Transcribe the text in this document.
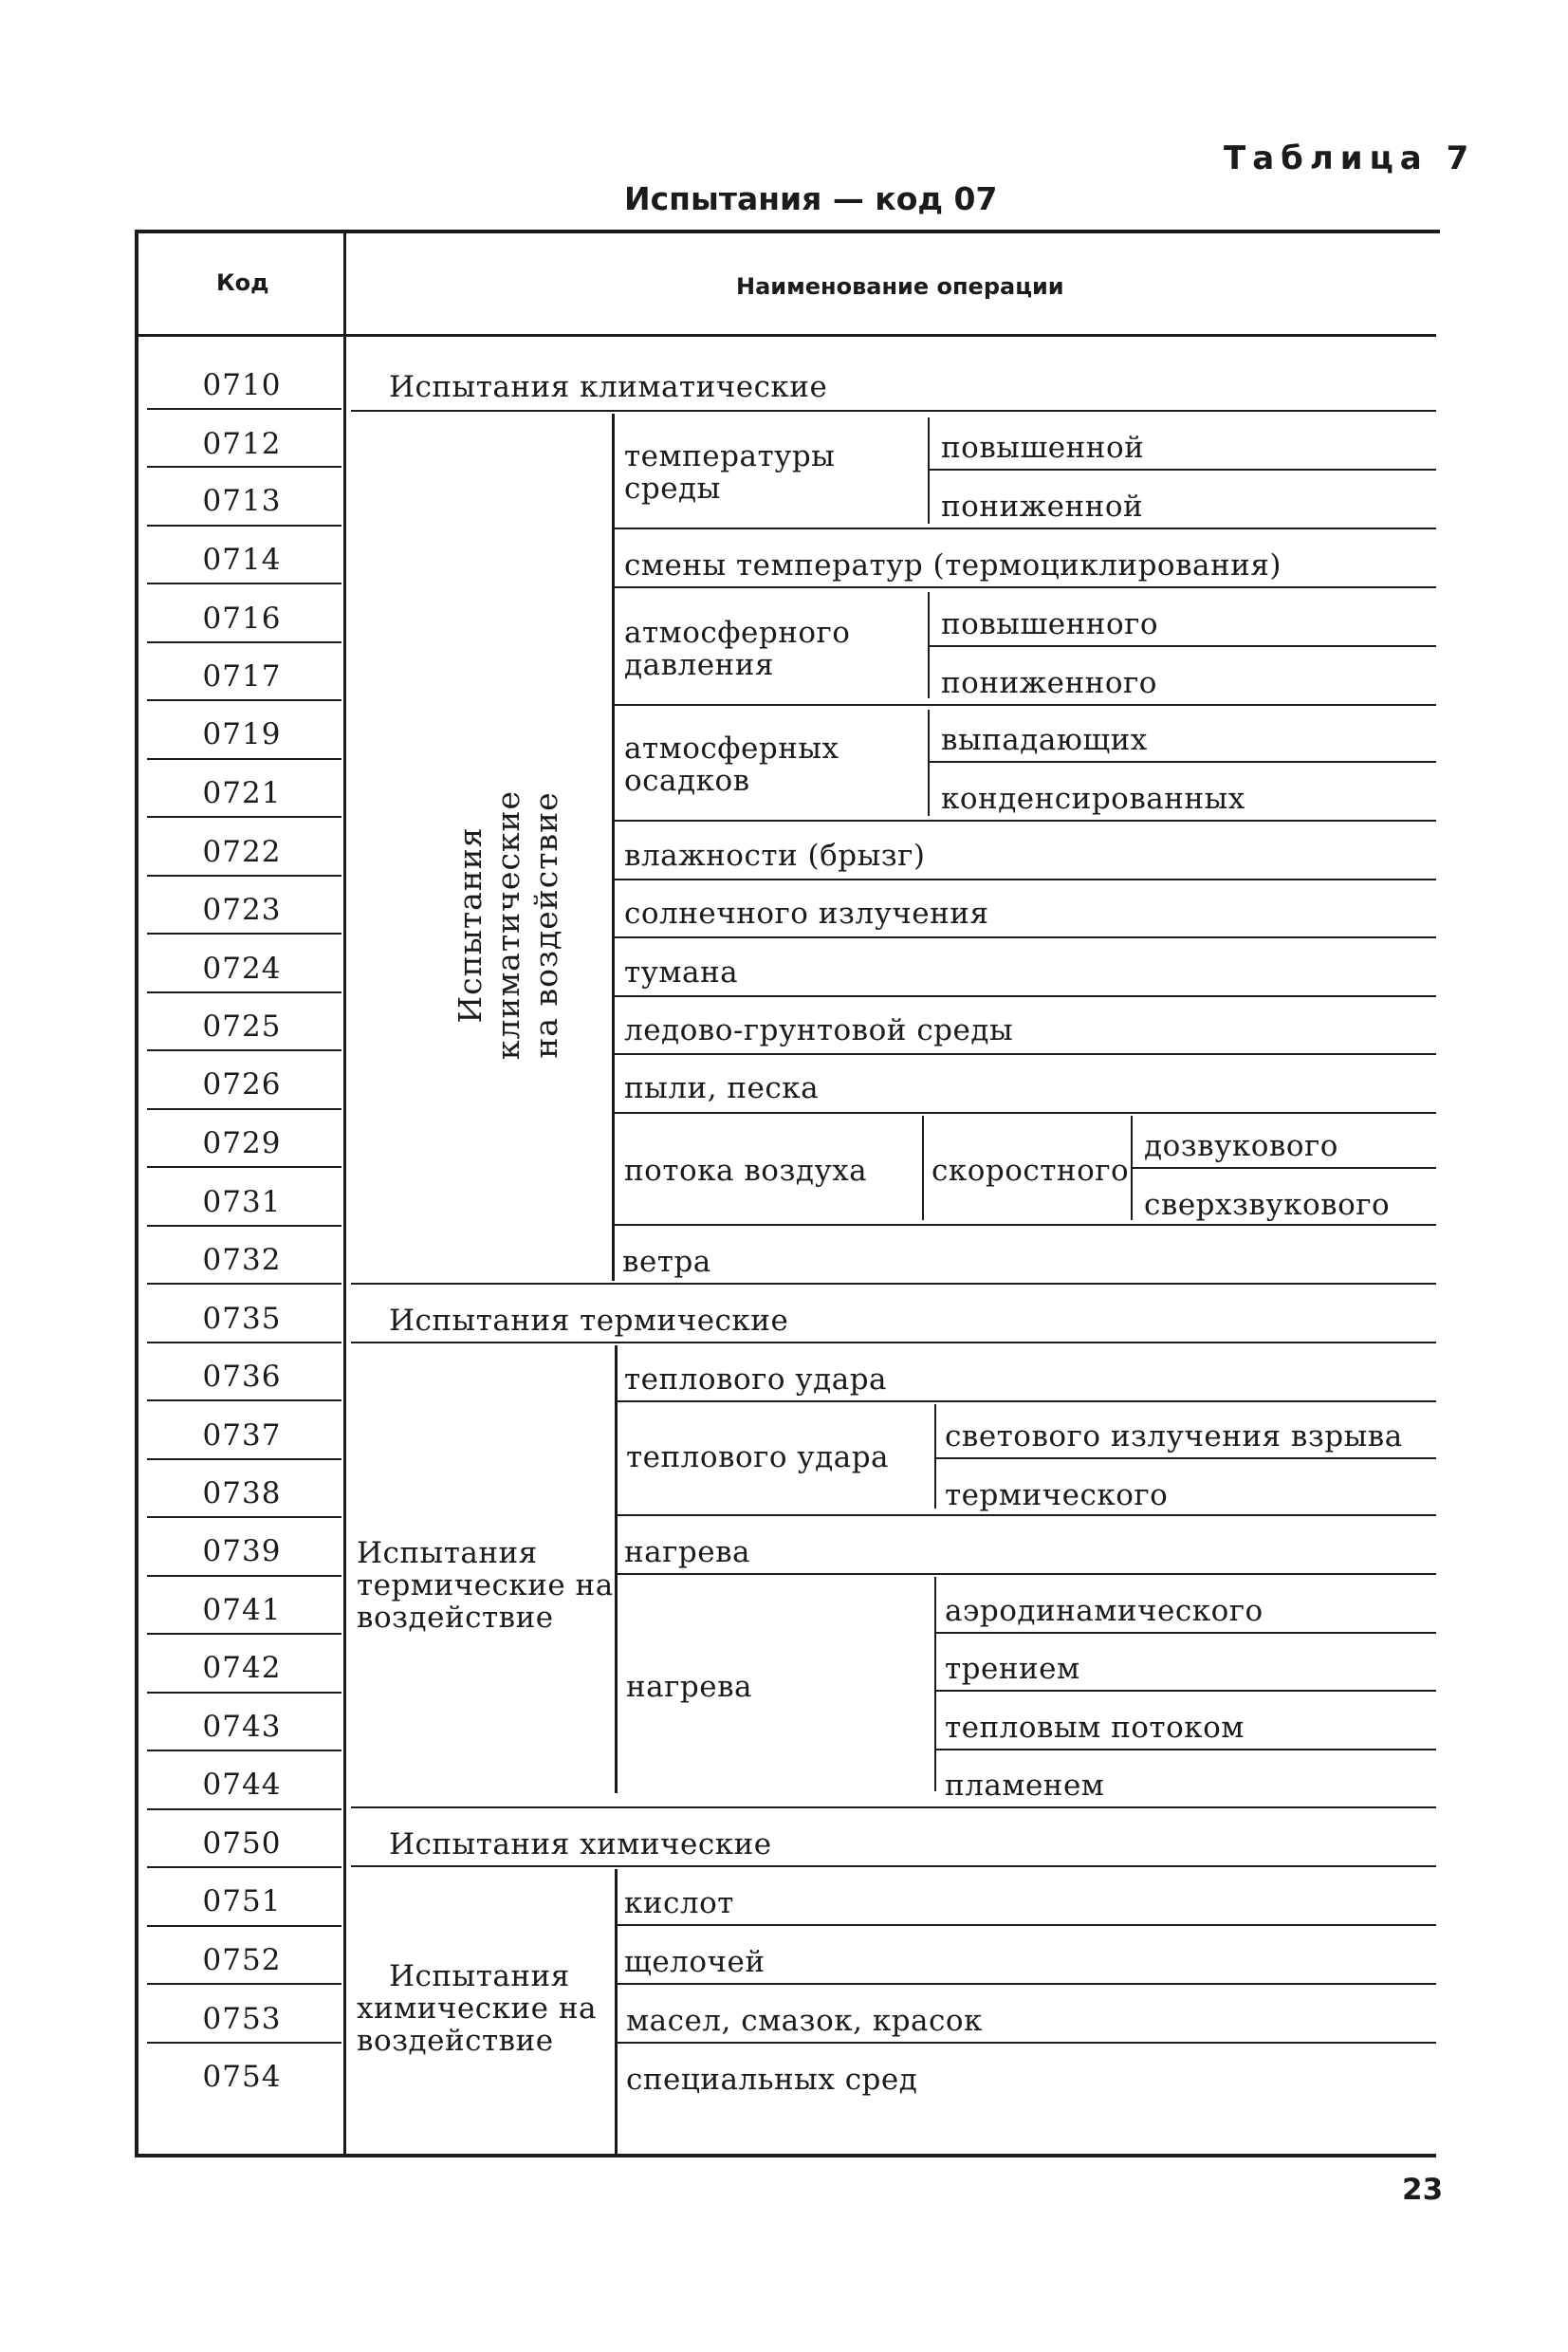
Таблица 7
Испытания — код 07
Код	Наименование операции
0710
0712
0713
0714
0716
0717
0719
0721
0722
0723
0724
0725
0726
0729
0731
0732
0735
0736
0737
0738
0739
0741
0742
0743
0744
0750
0751
0752
0753
0754
Испытания климатические
Испытания климатические на воздействие
температуры
среды
повышенной
пониженной
смены температур (термоциклирования)
атмосферного
давления
повышенного
пониженного
атмосферных
осадков
выпадающих
конденсированных
влажности (брызг)
солнечного излучения
тумана
ледово-грунтовой среды
пыли, песка
потока воздуха скоростного
дозвукового
сверхзвукового
ветра
Испытания термические
Испытания
термические на
воздействие
теплового удара
теплового удара
светового излучения взрыва
термического
нагрева
нагрева
аэродинамического
трением
тепловым потоком
пламенем
Испытания химические
Испытания
химические на
воздействие
кислот
щелочей
масел, смазок, красок
специальных сред
23
